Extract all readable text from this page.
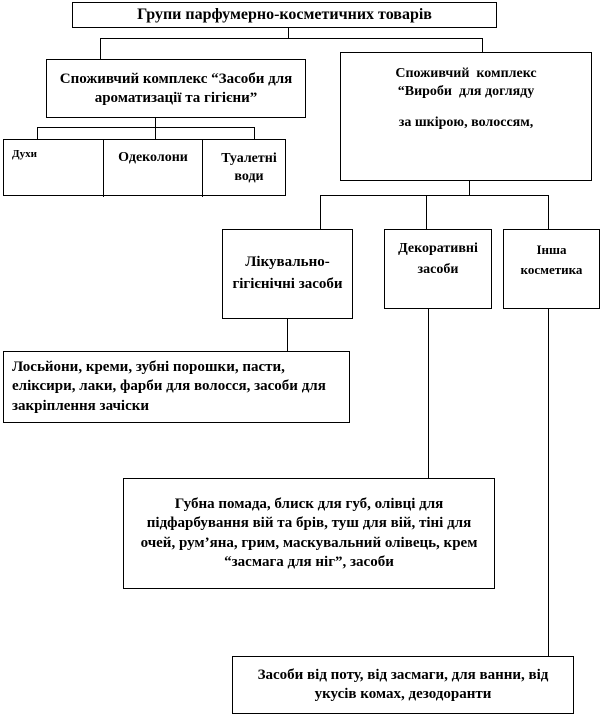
Групи парфумерно-косметичних товарів
Споживчий комплекс “Засоби для ароматизації та гігієни”
Споживчий  комплекс
“Вироби  для догляду
за шкірою, волоссям,
Духи	Одеколони	Туалетні води
Лікувально-гігієнічні засоби
Декоративні засоби
Інша косметика
Лосьйони, креми, зубні порошки, пасти, еліксири, лаки, фарби для волосся, засоби для закріплення зачіски
Губна помада, блиск для губ, олівці для підфарбування вій та брів, туш для вій, тіні для очей, рум’яна, грим, маскувальний олівець, крем “засмага для ніг”, засоби
Засоби від поту, від засмаги, для ванни, від укусів комах, дезодоранти
